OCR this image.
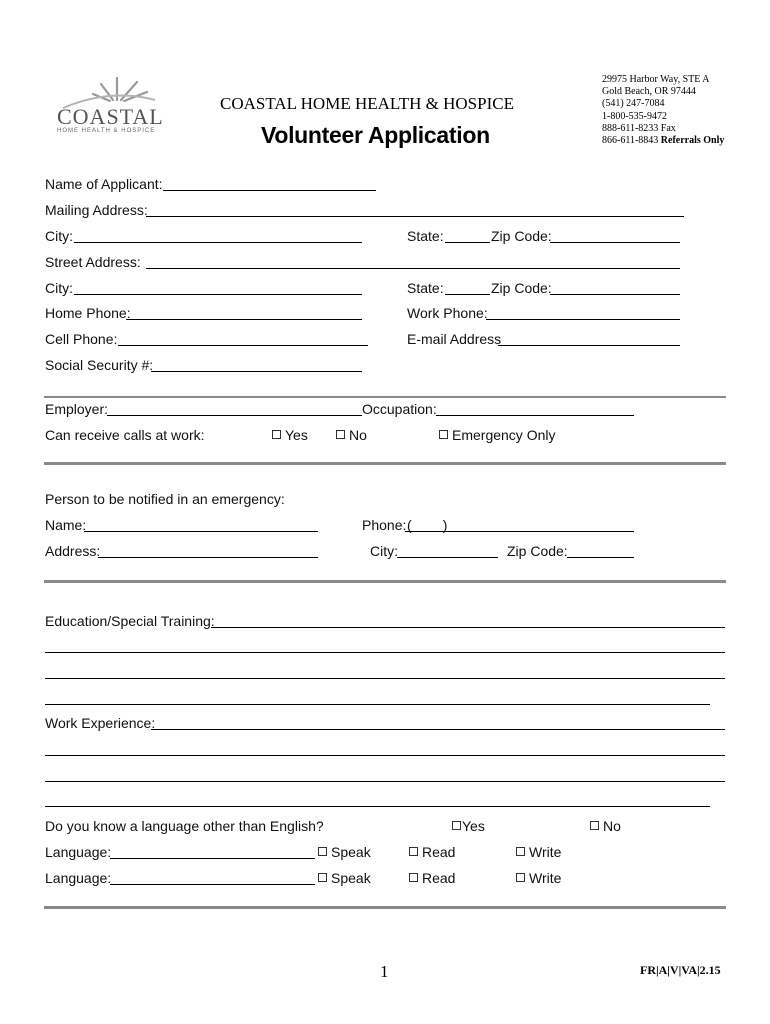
COASTAL
HOME HEALTH & HOSPICE
COASTAL HOME HEALTH & HOSPICE
Volunteer Application
29975 Harbor Way, STE A
Gold Beach, OR 97444
(541) 247-7084
1-800-535-9472
888-611-8233 Fax
866-611-8843 Referrals Only
Name of Applicant:
Mailing Address:
City:	State:	Zip Code:
Street Address:
City:	State:	Zip Code:
Home Phone:	Work Phone:
Cell Phone:	E-mail Address
Social Security #:
Employer:	Occupation:
Can receive calls at work:	Yes	No	Emergency Only
Person to be notified in an emergency:
Name:	Phone: (        )
Address:	City:	Zip Code:
Education/Special Training:
Work Experience:
Do you know a language other than English?	Yes	No
Language:	Speak	Read	Write
Language:	Speak	Read	Write
1	FR|A|V|VA|2.15
